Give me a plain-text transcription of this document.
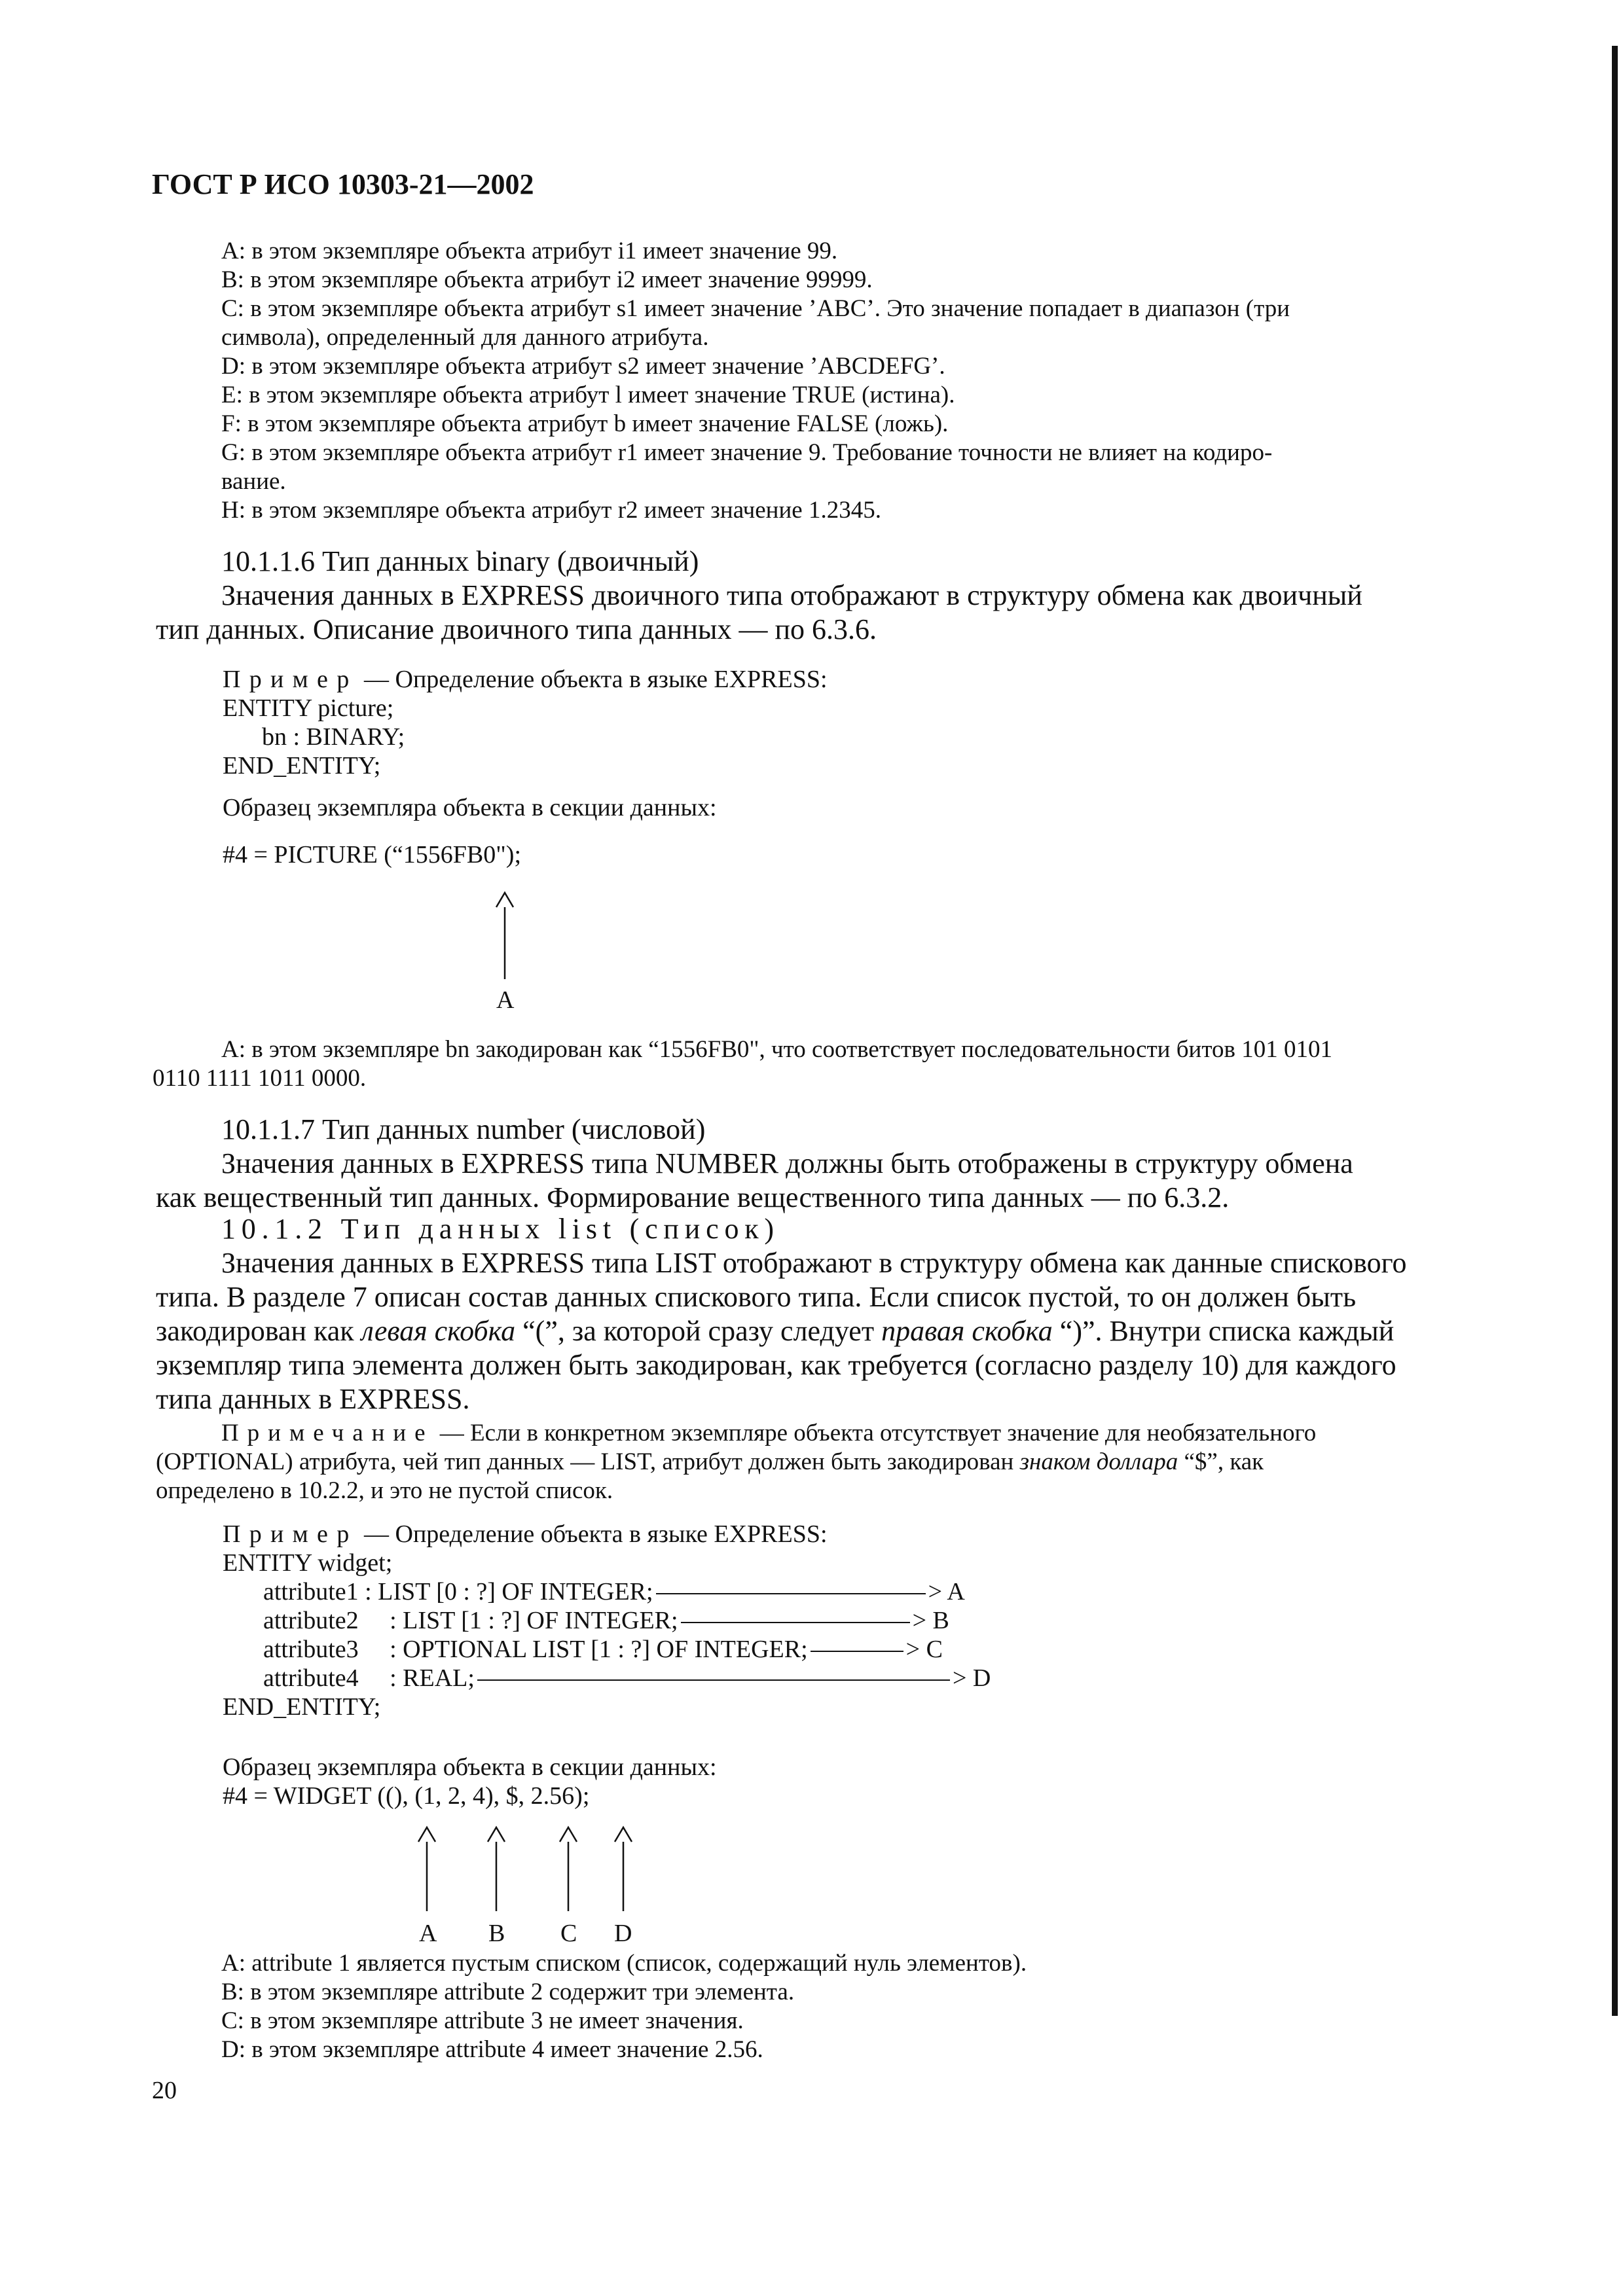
ГОСТ Р ИСО 10303-21—2002
А: в этом экземпляре объекта атрибут i1 имеет значение 99.
В: в этом экземпляре объекта атрибут i2 имеет значение 99999.
С: в этом экземпляре объекта атрибут s1 имеет значение ’АВС’. Это значение попадает в диапазон (три
символа), определенный для данного атрибута.
D: в этом экземпляре объекта атрибут s2 имеет значение ’ABCDEFG’.
Е: в этом экземпляре объекта атрибут l имеет значение TRUE (истина).
F: в этом экземпляре объекта атрибут b имеет значение FALSE (ложь).
G: в этом экземпляре объекта атрибут r1 имеет значение 9. Требование точности не влияет на кодиро-
вание.
Н: в этом экземпляре объекта атрибут r2 имеет значение 1.2345.
10.1.1.6 Тип данных binary (двоичный)
Значения данных в EXPRESS двоичного типа отображают в структуру обмена как двоичный
тип данных. Описание двоичного типа данных — по 6.3.6.
Пример — Определение объекта в языке EXPRESS:
ENTITY picture;
bn : BINARY;
END_ENTITY;
Образец экземпляра объекта в секции данных:
#4 = PICTURE (“1556FB0");
А
А: в этом экземпляре bn закодирован как “1556FB0", что соответствует последовательности битов 101 0101
0110 1111 1011 0000.
10.1.1.7 Тип данных number (числовой)
Значения данных в EXPRESS типа NUMBER должны быть отображены в структуру обмена
как вещественный тип данных. Формирование вещественного типа данных — по 6.3.2.
10.1.2 Тип данных list (список)
Значения данных в EXPRESS типа LIST отображают в структуру обмена как данные спискового
типа. В разделе 7 описан состав данных спискового типа. Если список пустой, то он должен быть
закодирован как левая скобка “(”, за которой сразу следует правая скобка “)”. Внутри списка каждый
экземпляр типа элемента должен быть закодирован, как требуется (согласно разделу 10) для каждого
типа данных в EXPRESS.
Примечание — Если в конкретном экземпляре объекта отсутствует значение для необязательного
(OPTIONAL) атрибута, чей тип данных — LIST, атрибут должен быть закодирован знаком доллара “$”, как
определено в 10.2.2, и это не пустой список.
Пример — Определение объекта в языке EXPRESS:
ENTITY widget;
attribute1 : LIST [0 : ?] OF INTEGER;	> A
attribute2     : LIST [1 : ?] OF INTEGER;	> B
attribute3     : OPTIONAL LIST [1 : ?] OF INTEGER;	> C
attribute4     : REAL;	> D
END_ENTITY;
Образец экземпляра объекта в секции данных:
#4 = WIDGET ((), (1, 2, 4), $, 2.56);
A B C D
A: attribute 1 является пустым списком (список, содержащий нуль элементов).
В: в этом экземпляре attribute 2 содержит три элемента.
С: в этом экземпляре attribute 3 не имеет значения.
D: в этом экземпляре attribute 4 имеет значение 2.56.
20
